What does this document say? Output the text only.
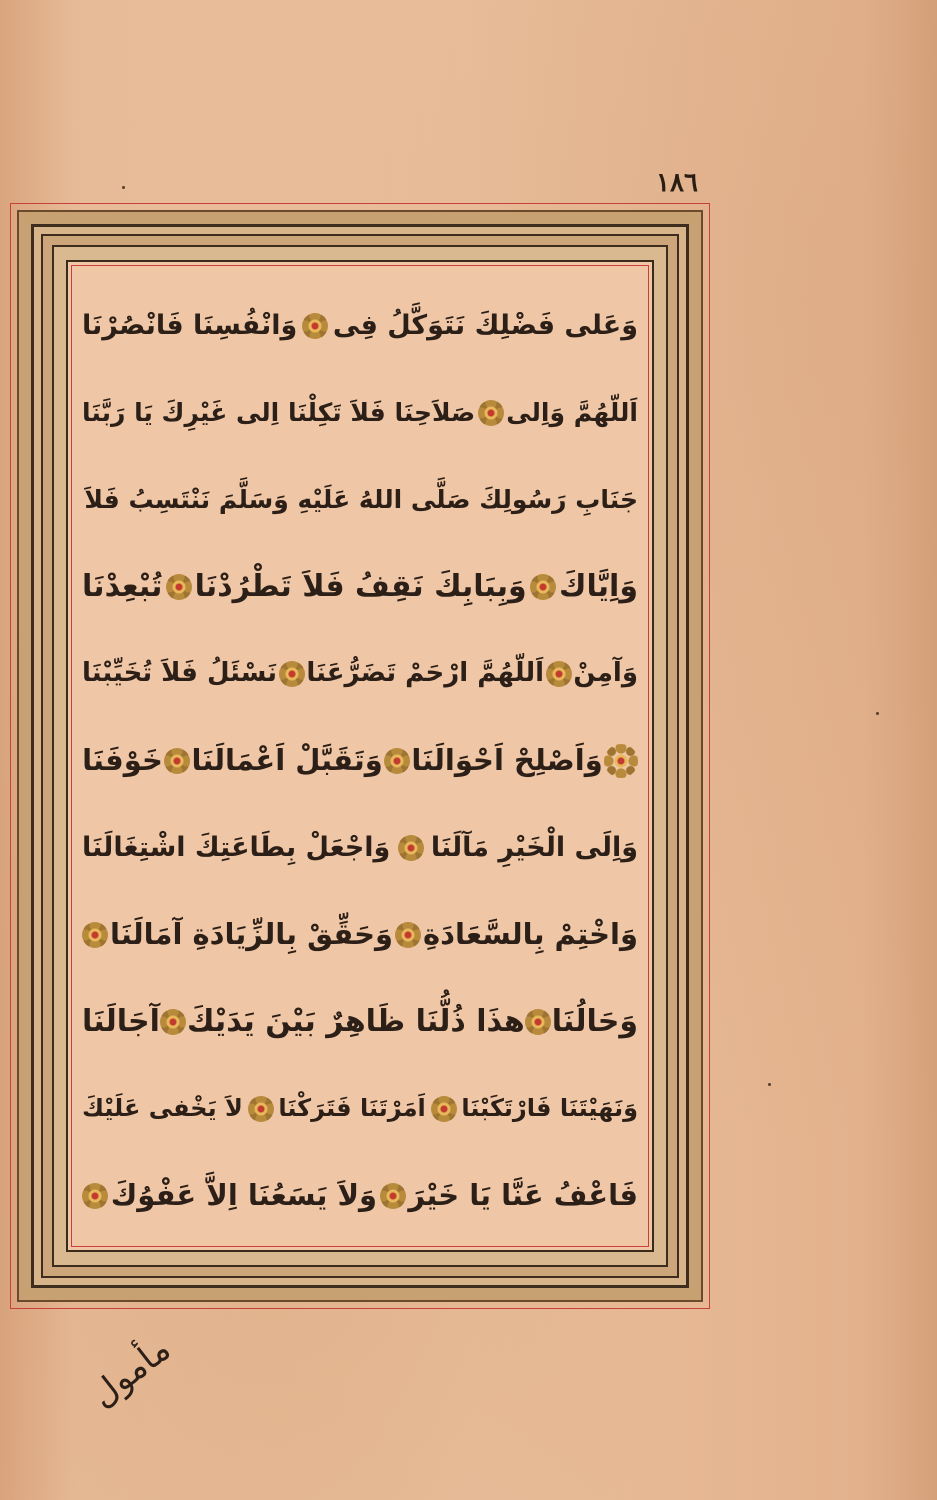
١٨٦
وَعَلى فَضْلِكَ نَتَوَكَّلُ فِى
وَانْفُسِنَا فَانْصُرْنَا
اَللّهُمَّ وَاِلى
صَلاَحِنَا فَلاَ تَكِلْنَا اِلى غَيْرِكَ يَا رَبَّنَا
جَنَابِ رَسُولِكَ صَلَّى اللهُ عَلَيْهِ وَسَلَّمَ نَنْتَسِبُ فَلاَ
وَاِيَّاكَ
وَبِبَابِكَ نَقِفُ فَلاَ تَطْرُدْنَا
تُبْعِدْنَا
وَآمِنْ
اَللّهُمَّ ارْحَمْ تَضَرُّعَنَا
نَسْئَلُ فَلاَ تُخَيِّبْنَا
وَاَصْلِحْ اَحْوَالَنَا
وَتَقَبَّلْ اَعْمَالَنَا
خَوْفَنَا
وَاِلَى الْخَيْرِ مَآلَنَا
وَاجْعَلْ بِطَاعَتِكَ اشْتِغَالَنَا
وَاخْتِمْ بِالسَّعَادَةِ
وَحَقِّقْ بِالزِّيَادَةِ آمَالَنَا
وَحَالُنَا
هذَا ذُلُّنَا ظَاهِرٌ بَيْنَ يَدَيْكَ
آجَالَنَا
وَنَهَيْتَنَا فَارْتَكَبْنَا
اَمَرْتَنَا فَتَرَكْنَا
لاَ يَخْفى عَلَيْكَ
فَاعْفُ عَنَّا يَا خَيْرَ
وَلاَ يَسَعُنَا اِلاَّ عَفْوُكَ
مأمول
